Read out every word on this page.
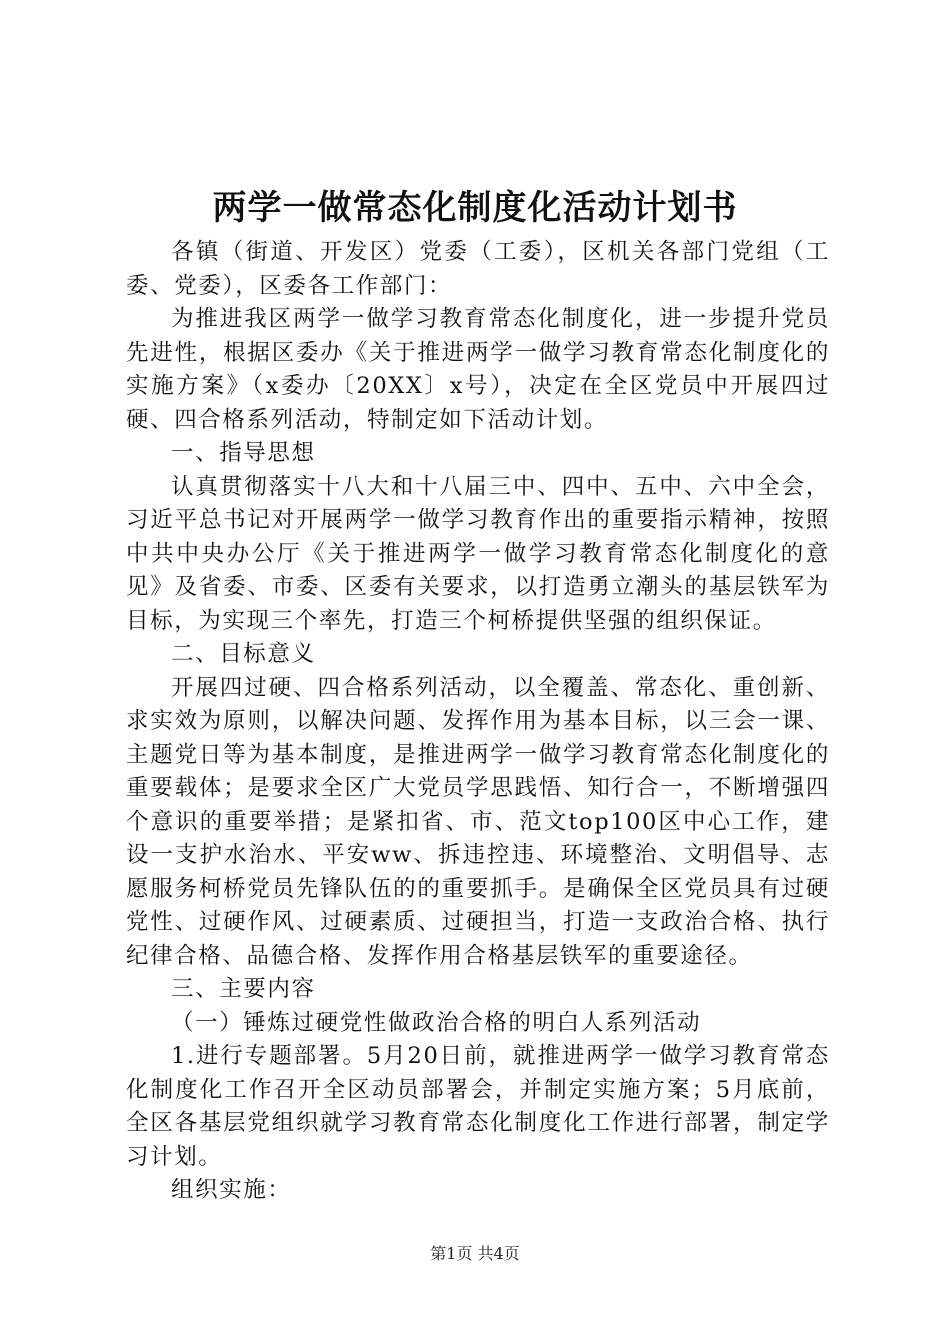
两学一做常态化制度化活动计划书

各镇（街道、开发区）党委（工委），区机关各部门党组（工委、党委），区委各工作部门：

为推进我区两学一做学习教育常态化制度化，进一步提升党员先进性，根据区委办《关于推进两学一做学习教育常态化制度化的实施方案》（x委办〔20XX〕x号），决定在全区党员中开展四过硬、四合格系列活动，特制定如下活动计划。

一、指导思想

认真贯彻落实十八大和十八届三中、四中、五中、六中全会，习近平总书记对开展两学一做学习教育作出的重要指示精神，按照中共中央办公厅《关于推进两学一做学习教育常态化制度化的意见》及省委、市委、区委有关要求，以打造勇立潮头的基层铁军为目标，为实现三个率先，打造三个柯桥提供坚强的组织保证。

二、目标意义

开展四过硬、四合格系列活动，以全覆盖、常态化、重创新、求实效为原则，以解决问题、发挥作用为基本目标，以三会一课、主题党日等为基本制度，是推进两学一做学习教育常态化制度化的重要载体；是要求全区广大党员学思践悟、知行合一，不断增强四个意识的重要举措；是紧扣省、市、范文top100区中心工作，建设一支护水治水、平安ww、拆违控违、环境整治、文明倡导、志愿服务柯桥党员先锋队伍的的重要抓手。是确保全区党员具有过硬党性、过硬作风、过硬素质、过硬担当，打造一支政治合格、执行纪律合格、品德合格、发挥作用合格基层铁军的重要途径。

三、主要内容

（一）锤炼过硬党性做政治合格的明白人系列活动

1.进行专题部署。5月20日前，就推进两学一做学习教育常态化制度化工作召开全区动员部署会，并制定实施方案；5月底前，全区各基层党组织就学习教育常态化制度化工作进行部署，制定学习计划。

组织实施：

第1页 共4页
